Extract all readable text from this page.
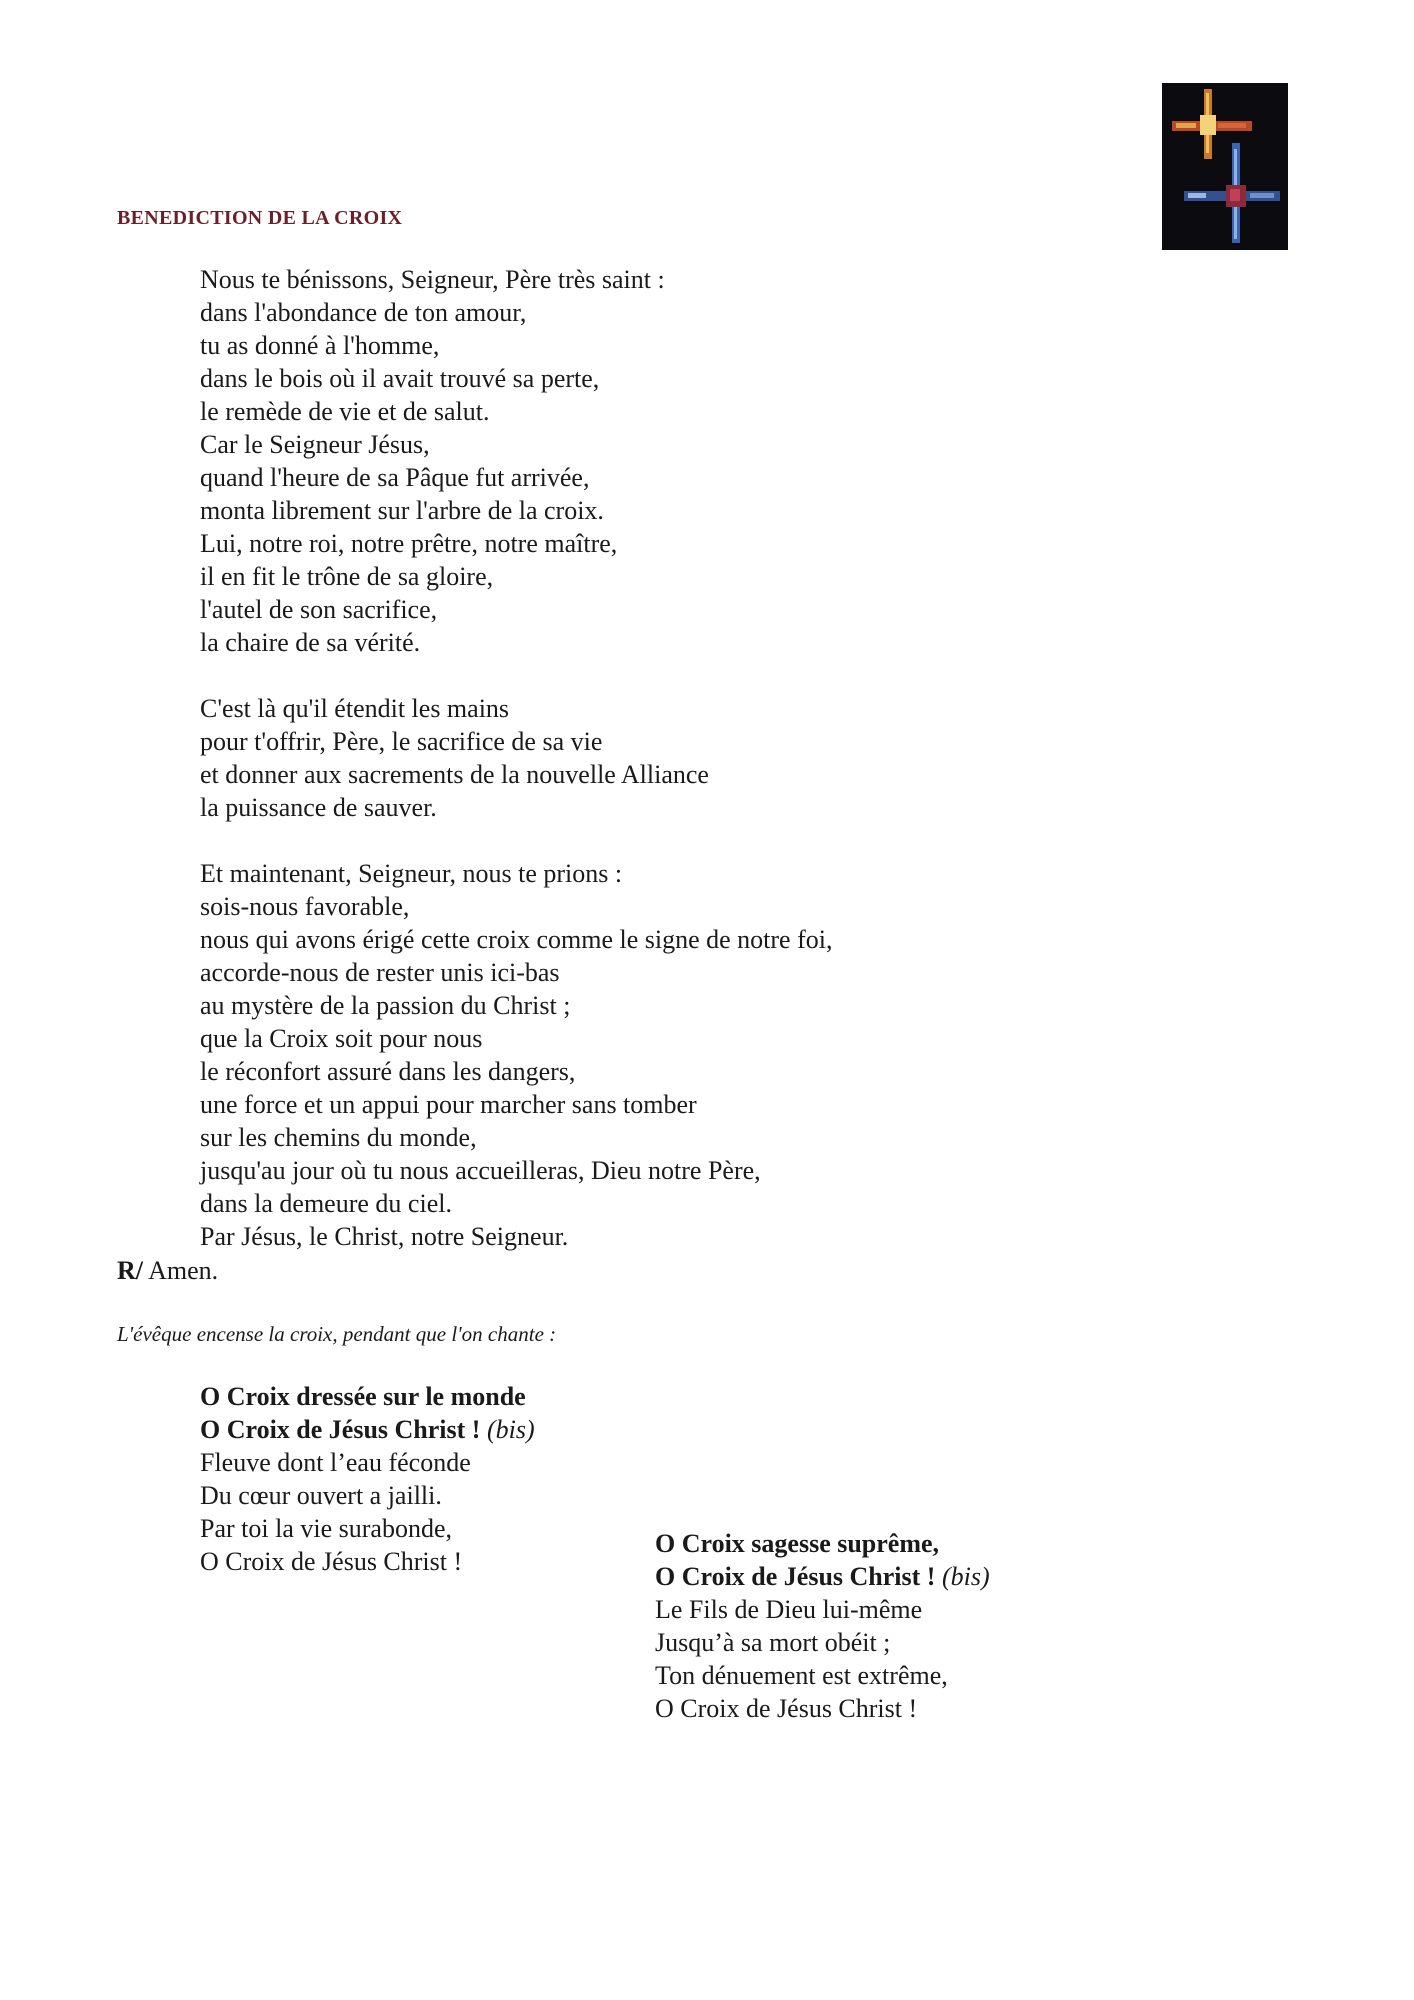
BENEDICTION DE LA CROIX
Nous te bénissons, Seigneur, Père très saint :
dans l'abondance de ton amour,
tu as donné à l'homme,
dans le bois où il avait trouvé sa perte,
le remède de vie et de salut.
Car le Seigneur Jésus,
quand l'heure de sa Pâque fut arrivée,
monta librement sur l'arbre de la croix.
Lui, notre roi, notre prêtre, notre maître,
il en fit le trône de sa gloire,
l'autel de son sacrifice,
la chaire de sa vérité.
C'est là qu'il étendit les mains
pour t'offrir, Père, le sacrifice de sa vie
et donner aux sacrements de la nouvelle Alliance
la puissance de sauver.
Et maintenant, Seigneur, nous te prions :
sois-nous favorable,
nous qui avons érigé cette croix comme le signe de notre foi,
accorde-nous de rester unis ici-bas
au mystère de la passion du Christ ;
que la Croix soit pour nous
le réconfort assuré dans les dangers,
une force et un appui pour marcher sans tomber
sur les chemins du monde,
jusqu'au jour où tu nous accueilleras, Dieu notre Père,
dans la demeure du ciel.
Par Jésus, le Christ, notre Seigneur.
R/ Amen.
L'évêque encense la croix, pendant que l'on chante :
O Croix dressée sur le monde
O Croix de Jésus Christ ! (bis)
Fleuve dont l’eau féconde
Du cœur ouvert a jailli.
Par toi la vie surabonde,
O Croix de Jésus Christ !
O Croix sagesse suprême,
O Croix de Jésus Christ ! (bis)
Le Fils de Dieu lui-même
Jusqu’à sa mort obéit ;
Ton dénuement est extrême,
O Croix de Jésus Christ !
